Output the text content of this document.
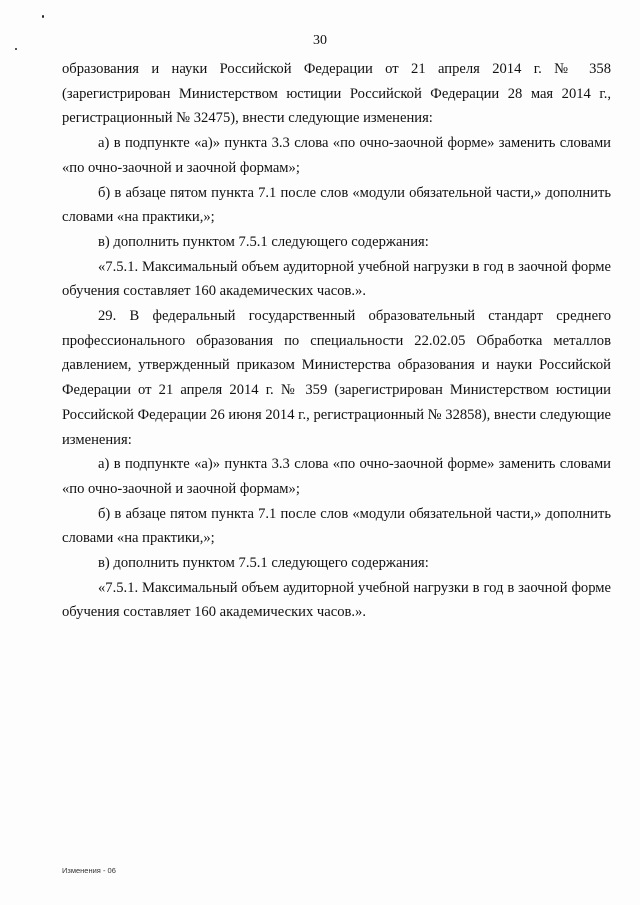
30

образования и науки Российской Федерации от 21 апреля 2014 г. № 358 (зарегистрирован Министерством юстиции Российской Федерации 28 мая 2014 г., регистрационный № 32475), внести следующие изменения:

а) в подпункте «а)» пункта 3.3 слова «по очно-заочной форме» заменить словами «по очно-заочной и заочной формам»;

б) в абзаце пятом пункта 7.1 после слов «модули обязательной части,» дополнить словами «на практики,»;

в) дополнить пунктом 7.5.1 следующего содержания:

«7.5.1. Максимальный объем аудиторной учебной нагрузки в год в заочной форме обучения составляет 160 академических часов.».

29. В федеральный государственный образовательный стандарт среднего профессионального образования по специальности 22.02.05 Обработка металлов давлением, утвержденный приказом Министерства образования и науки Российской Федерации от 21 апреля 2014 г. № 359 (зарегистрирован Министерством юстиции Российской Федерации 26 июня 2014 г., регистрационный № 32858), внести следующие изменения:

а) в подпункте «а)» пункта 3.3 слова «по очно-заочной форме» заменить словами «по очно-заочной и заочной формам»;

б) в абзаце пятом пункта 7.1 после слов «модули обязательной части,» дополнить словами «на практики,»;

в) дополнить пунктом 7.5.1 следующего содержания:

«7.5.1. Максимальный объем аудиторной учебной нагрузки в год в заочной форме обучения составляет 160 академических часов.».

Изменения - 06
